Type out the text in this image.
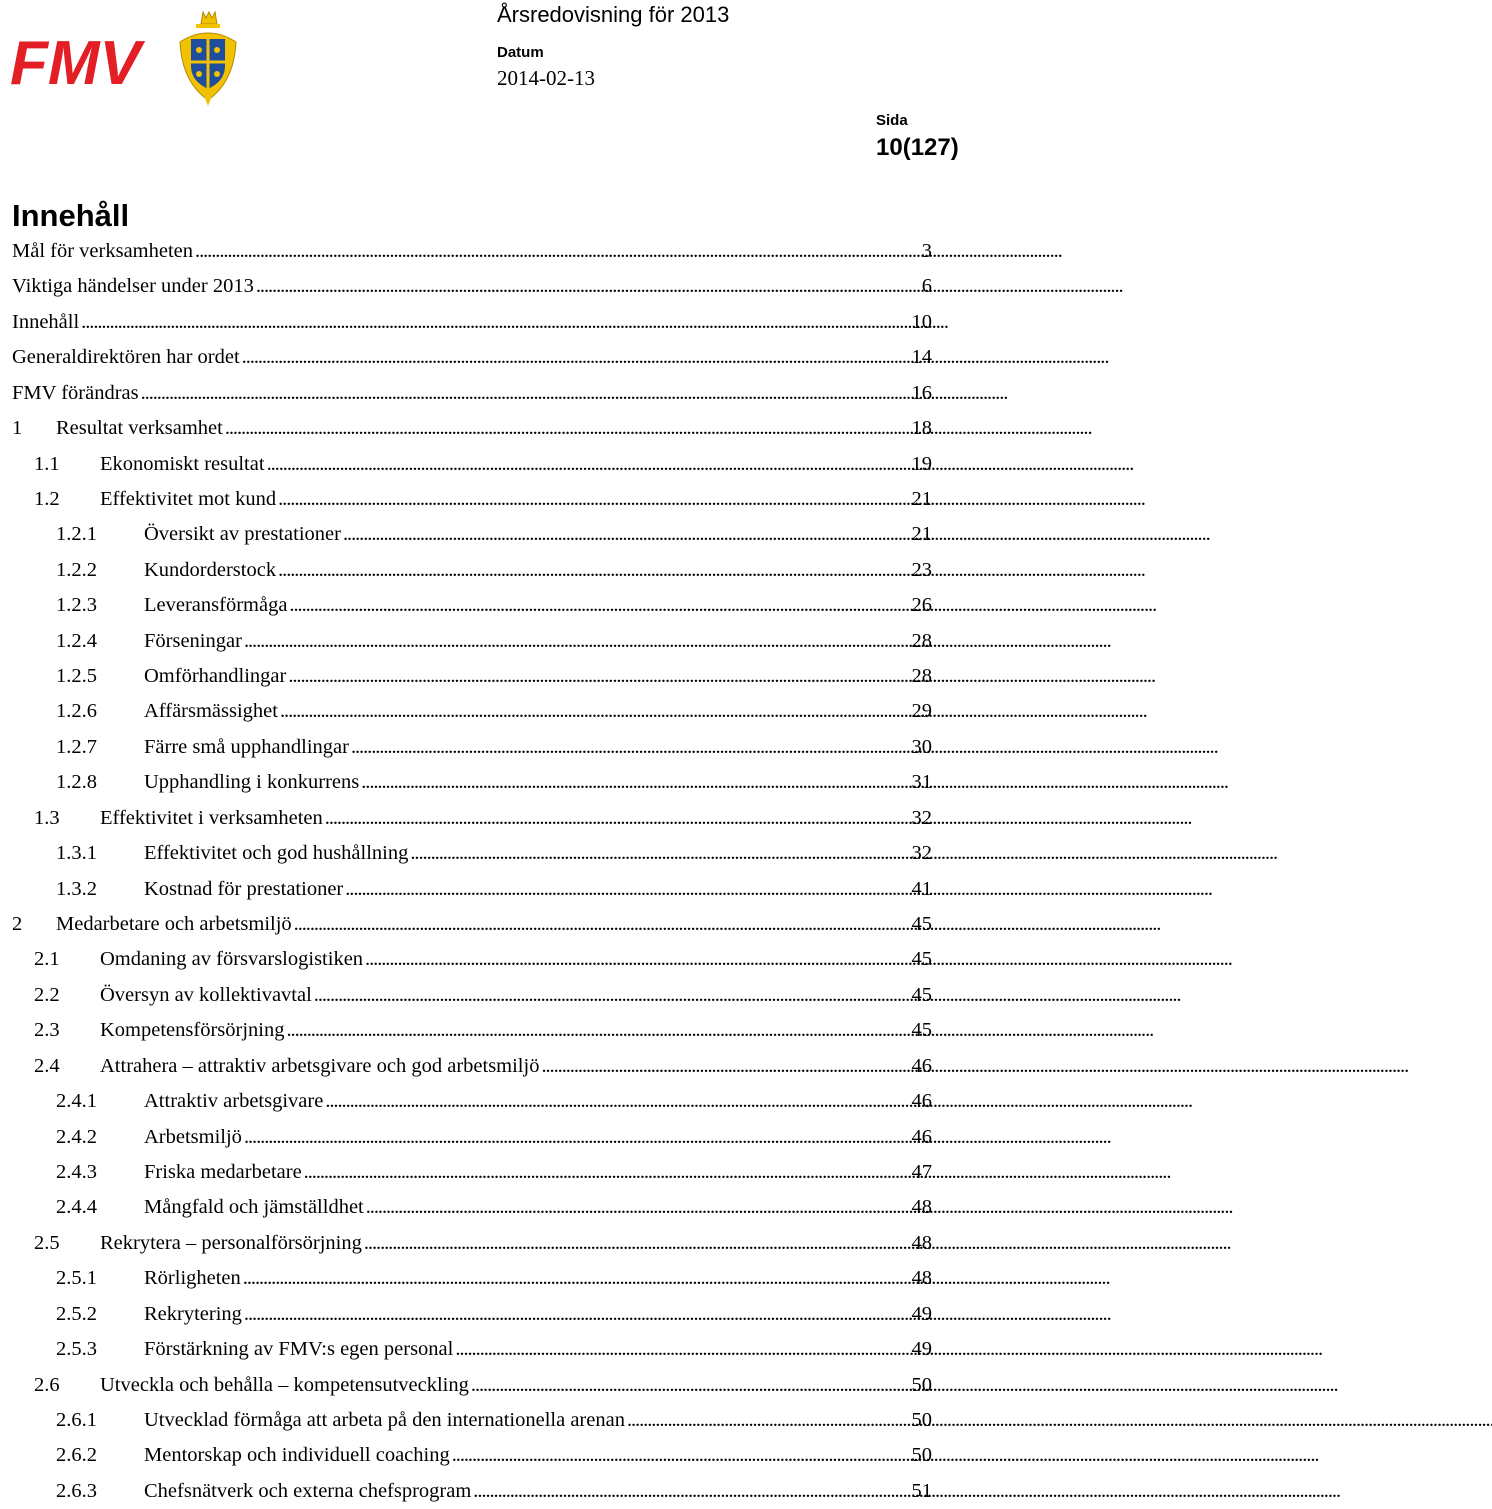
FMV
Årsredovisning för 2013
Datum
2014-02-13
Sida
10(127)
Innehåll
Mål för verksamheten . . .	3
Viktiga händelser under 2013 . . .	6
Innehåll . . .	10
Generaldirektören har ordet . . .	14
FMV förändras . . .	16
1	Resultat verksamhet . . .	18
1.1	Ekonomiskt resultat . . .	19
1.2	Effektivitet mot kund . . .	21
1.2.1	Översikt av prestationer . . .	21
1.2.2	Kundorderstock . . .	23
1.2.3	Leveransförmåga . . .	26
1.2.4	Förseningar . . .	28
1.2.5	Omförhandlingar . . .	28
1.2.6	Affärsmässighet . . .	29
1.2.7	Färre små upphandlingar . . .	30
1.2.8	Upphandling i konkurrens . . .	31
1.3	Effektivitet i verksamheten . . .	32
1.3.1	Effektivitet och god hushållning . . .	32
1.3.2	Kostnad för prestationer . . .	41
2	Medarbetare och arbetsmiljö . . .	45
2.1	Omdaning av försvarslogistiken . . .	45
2.2	Översyn av kollektivavtal . . .	45
2.3	Kompetensförsörjning . . .	45
2.4	Attrahera – attraktiv arbetsgivare och god arbetsmiljö . . .	46
2.4.1	Attraktiv arbetsgivare . . .	46
2.4.2	Arbetsmiljö . . .	46
2.4.3	Friska medarbetare . . .	47
2.4.4	Mångfald och jämställdhet . . .	48
2.5	Rekrytera – personalförsörjning . . .	48
2.5.1	Rörligheten . . .	48
2.5.2	Rekrytering . . .	49
2.5.3	Förstärkning av FMV:s egen personal . . .	49
2.6	Utveckla och behålla – kompetensutveckling . . .	50
2.6.1	Utvecklad förmåga att arbeta på den internationella arenan . . .	50
2.6.2	Mentorskap och individuell coaching . . .	50
2.6.3	Chefsnätverk och externa chefsprogram . . .	51
